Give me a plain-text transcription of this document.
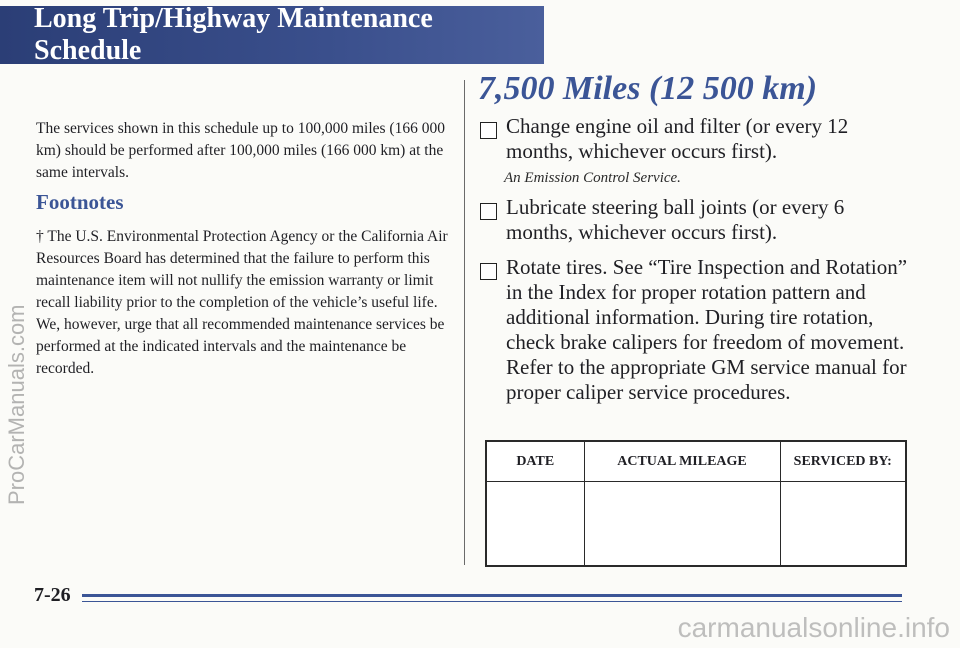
Long Trip/Highway Maintenance Schedule

The services shown in this schedule up to 100,000 miles (166 000 km) should be performed after 100,000 miles (166 000 km) at the same intervals.

Footnotes

† The U.S. Environmental Protection Agency or the California Air Resources Board has determined that the failure to perform this maintenance item will not nullify the emission warranty or limit recall liability prior to the completion of the vehicle’s useful life. We, however, urge that all recommended maintenance services be performed at the indicated intervals and the maintenance be recorded.

7,500 Miles (12 500 km)
Change engine oil and filter (or every 12 months, whichever occurs first).
An Emission Control Service.
Lubricate steering ball joints (or every 6 months, whichever occurs first).
Rotate tires. See “Tire Inspection and Rotation” in the Index for proper rotation pattern and additional information. During tire rotation, check brake calipers for freedom of movement. Refer to the appropriate GM service manual for proper caliper service procedures.
DATE	ACTUAL MILEAGE	SERVICED BY:

7-26
ProCarManuals.com
carmanualsonline.info
